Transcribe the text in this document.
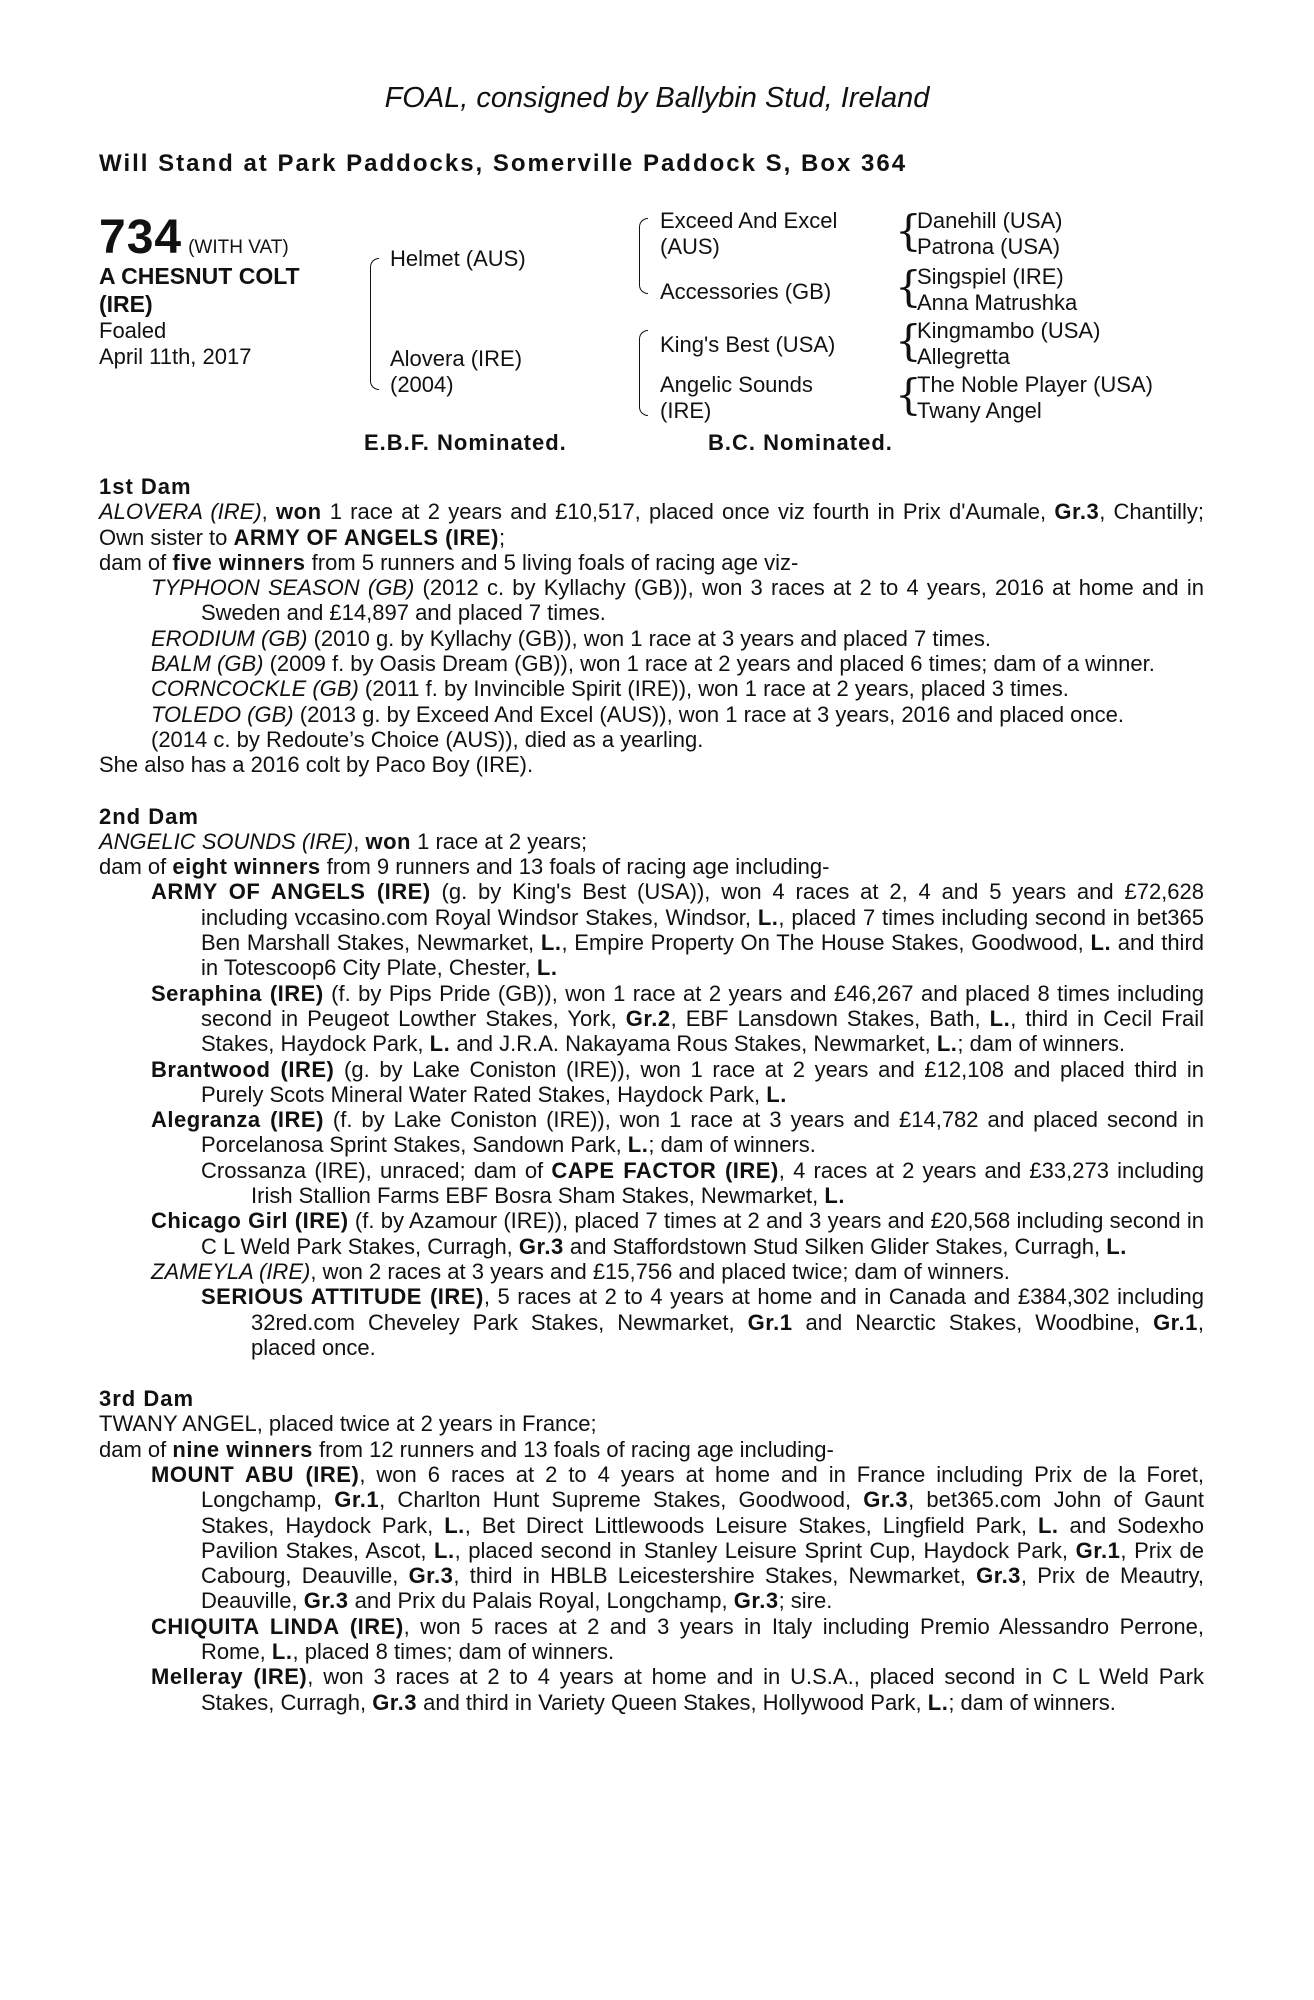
FOAL, consigned by Ballybin Stud, Ireland
Will Stand at Park Paddocks, Somerville Paddock S, Box 364
734 (WITH VAT)
A CHESNUT COLT
(IRE)
Foaled
April 11th, 2017
Helmet (AUS)
Alovera (IRE)
(2004)
Exceed And Excel
(AUS)
Accessories (GB)
King's Best (USA)
Angelic Sounds
(IRE)
{
Danehill (USA)
Patrona (USA)
{
Singspiel (IRE)
Anna Matrushka
{
Kingmambo (USA)
Allegretta
{
The Noble Player (USA)
Twany Angel
E.B.F. Nominated.	B.C. Nominated.
1st Dam
ALOVERA (IRE), won 1 race at 2 years and £10,517, placed once viz fourth in Prix d'Aumale, Gr.3, Chantilly; Own sister to ARMY OF ANGELS (IRE);
dam of five winners from 5 runners and 5 living foals of racing age viz-
TYPHOON SEASON (GB) (2012 c. by Kyllachy (GB)), won 3 races at 2 to 4 years, 2016 at home and in Sweden and £14,897 and placed 7 times.
ERODIUM (GB) (2010 g. by Kyllachy (GB)), won 1 race at 3 years and placed 7 times.
BALM (GB) (2009 f. by Oasis Dream (GB)), won 1 race at 2 years and placed 6 times; dam of a winner.
CORNCOCKLE (GB) (2011 f. by Invincible Spirit (IRE)), won 1 race at 2 years, placed 3 times.
TOLEDO (GB) (2013 g. by Exceed And Excel (AUS)), won 1 race at 3 years, 2016 and placed once.
(2014 c. by Redoute’s Choice (AUS)), died as a yearling.
She also has a 2016 colt by Paco Boy (IRE).
2nd Dam
ANGELIC SOUNDS (IRE), won 1 race at 2 years;
dam of eight winners from 9 runners and 13 foals of racing age including-
ARMY OF ANGELS (IRE) (g. by King's Best (USA)), won 4 races at 2, 4 and 5 years and £72,628 including vccasino.com Royal Windsor Stakes, Windsor, L., placed 7 times including second in bet365 Ben Marshall Stakes, Newmarket, L., Empire Property On The House Stakes, Goodwood, L. and third in Totescoop6 City Plate, Chester, L.
Seraphina (IRE) (f. by Pips Pride (GB)), won 1 race at 2 years and £46,267 and placed 8 times including second in Peugeot Lowther Stakes, York, Gr.2, EBF Lansdown Stakes, Bath, L., third in Cecil Frail Stakes, Haydock Park, L. and J.R.A. Nakayama Rous Stakes, Newmarket, L.; dam of winners.
Brantwood (IRE) (g. by Lake Coniston (IRE)), won 1 race at 2 years and £12,108 and placed third in Purely Scots Mineral Water Rated Stakes, Haydock Park, L.
Alegranza (IRE) (f. by Lake Coniston (IRE)), won 1 race at 3 years and £14,782 and placed second in Porcelanosa Sprint Stakes, Sandown Park, L.; dam of winners.
Crossanza (IRE), unraced; dam of CAPE FACTOR (IRE), 4 races at 2 years and £33,273 including Irish Stallion Farms EBF Bosra Sham Stakes, Newmarket, L.
Chicago Girl (IRE) (f. by Azamour (IRE)), placed 7 times at 2 and 3 years and £20,568 including second in C L Weld Park Stakes, Curragh, Gr.3 and Staffordstown Stud Silken Glider Stakes, Curragh, L.
ZAMEYLA (IRE), won 2 races at 3 years and £15,756 and placed twice; dam of winners.
SERIOUS ATTITUDE (IRE), 5 races at 2 to 4 years at home and in Canada and £384,302 including 32red.com Cheveley Park Stakes, Newmarket, Gr.1 and Nearctic Stakes, Woodbine, Gr.1, placed once.
3rd Dam
TWANY ANGEL, placed twice at 2 years in France;
dam of nine winners from 12 runners and 13 foals of racing age including-
MOUNT ABU (IRE), won 6 races at 2 to 4 years at home and in France including Prix de la Foret, Longchamp, Gr.1, Charlton Hunt Supreme Stakes, Goodwood, Gr.3, bet365.com John of Gaunt Stakes, Haydock Park, L., Bet Direct Littlewoods Leisure Stakes, Lingfield Park, L. and Sodexho Pavilion Stakes, Ascot, L., placed second in Stanley Leisure Sprint Cup, Haydock Park, Gr.1, Prix de Cabourg, Deauville, Gr.3, third in HBLB Leicestershire Stakes, Newmarket, Gr.3, Prix de Meautry, Deauville, Gr.3 and Prix du Palais Royal, Longchamp, Gr.3; sire.
CHIQUITA LINDA (IRE), won 5 races at 2 and 3 years in Italy including Premio Alessandro Perrone, Rome, L., placed 8 times; dam of winners.
Melleray (IRE), won 3 races at 2 to 4 years at home and in U.S.A., placed second in C L Weld Park Stakes, Curragh, Gr.3 and third in Variety Queen Stakes, Hollywood Park, L.; dam of winners.
